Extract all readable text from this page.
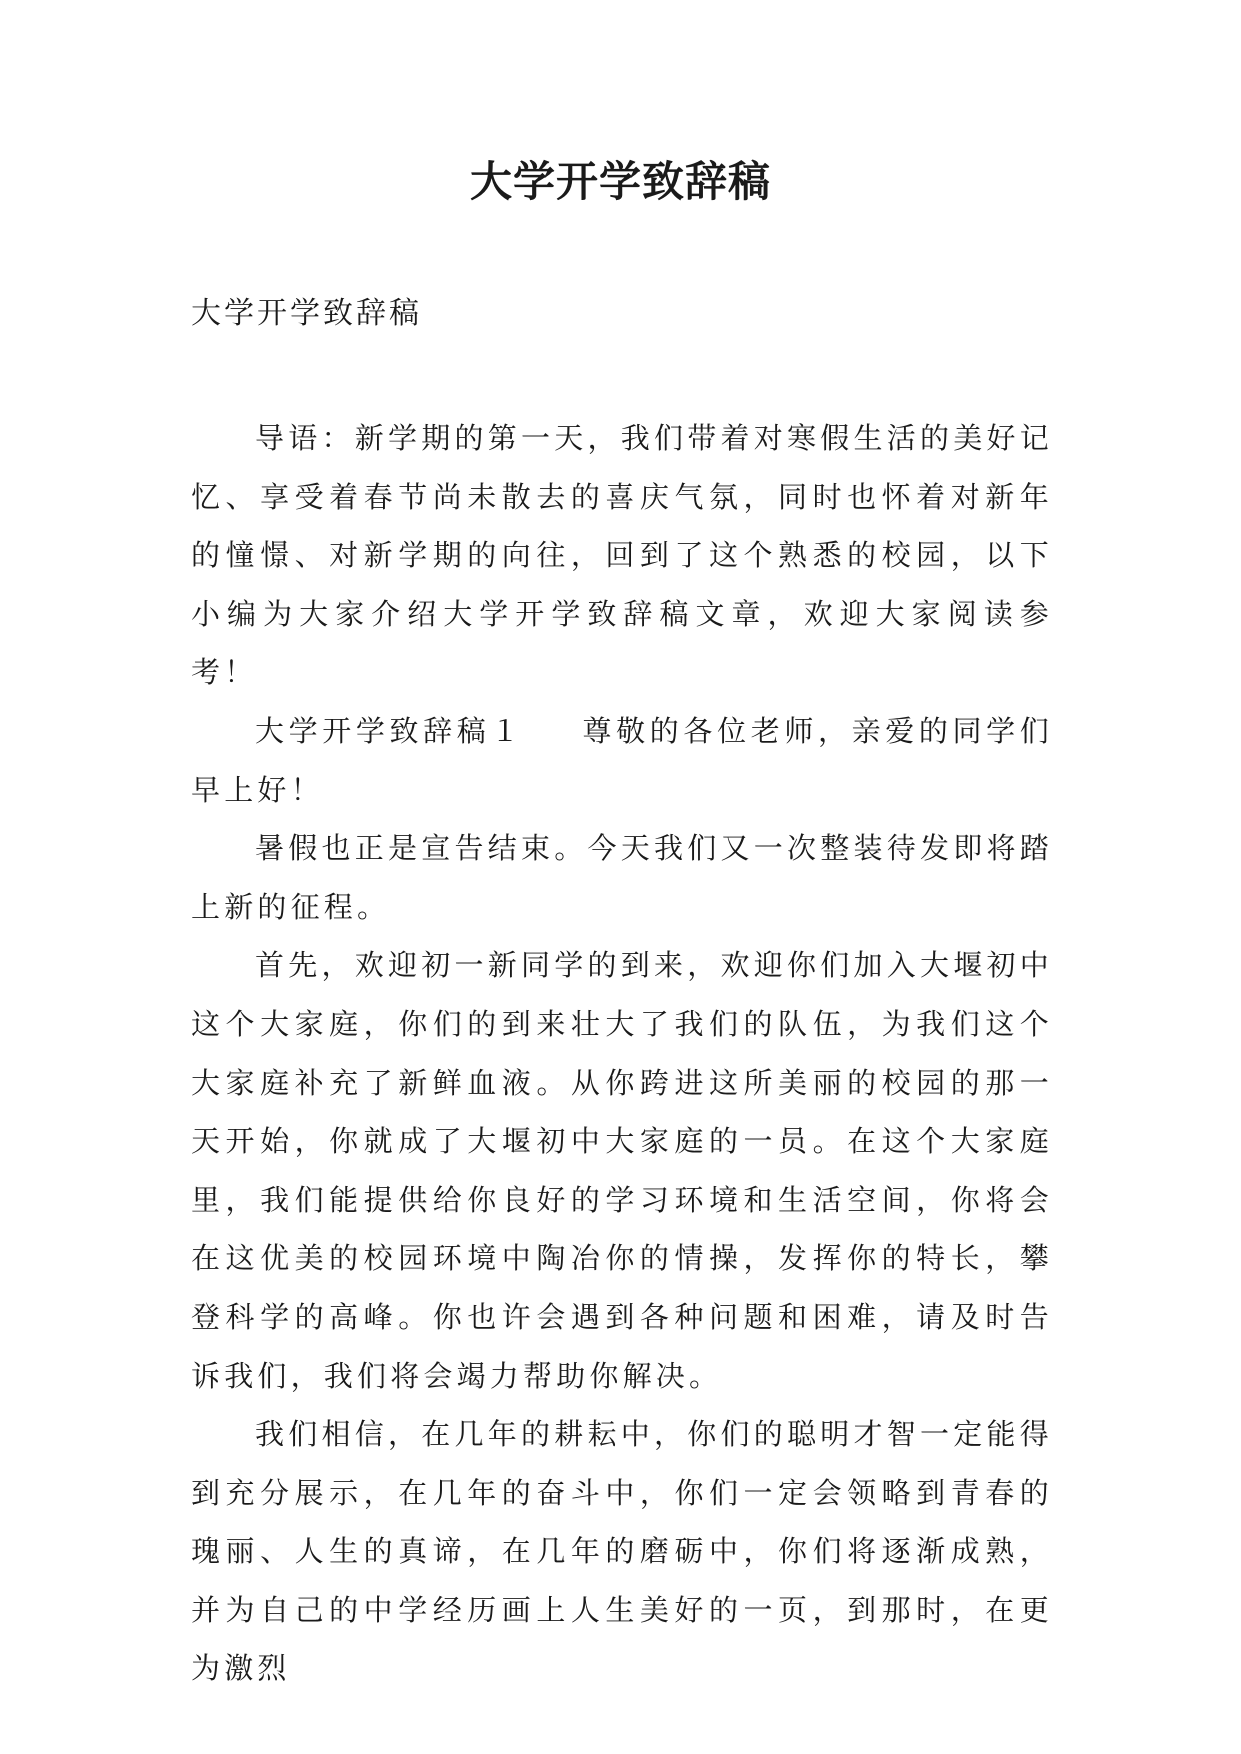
大学开学致辞稿

大学开学致辞稿

导语：新学期的第一天，我们带着对寒假生活的美好记忆、享受着春节尚未散去的喜庆气氛，同时也怀着对新年的憧憬、对新学期的向往，回到了这个熟悉的校园，以下小编为大家介绍大学开学致辞稿文章，欢迎大家阅读参考！

大学开学致辞稿１ 尊敬的各位老师，亲爱的同学们早上好！

暑假也正是宣告结束。今天我们又一次整装待发即将踏上新的征程。

首先，欢迎初一新同学的到来，欢迎你们加入大堰初中这个大家庭，你们的到来壮大了我们的队伍，为我们这个大家庭补充了新鲜血液。从你跨进这所美丽的校园的那一天开始，你就成了大堰初中大家庭的一员。在这个大家庭里，我们能提供给你良好的学习环境和生活空间，你将会在这优美的校园环境中陶冶你的情操，发挥你的特长，攀登科学的高峰。你也许会遇到各种问题和困难，请及时告诉我们，我们将会竭力帮助你解决。

我们相信，在几年的耕耘中，你们的聪明才智一定能得到充分展示，在几年的奋斗中，你们一定会领略到青春的瑰丽、人生的真谛，在几年的磨砺中，你们将逐渐成熟，并为自己的中学经历画上人生美好的一页，到那时，在更为激烈
